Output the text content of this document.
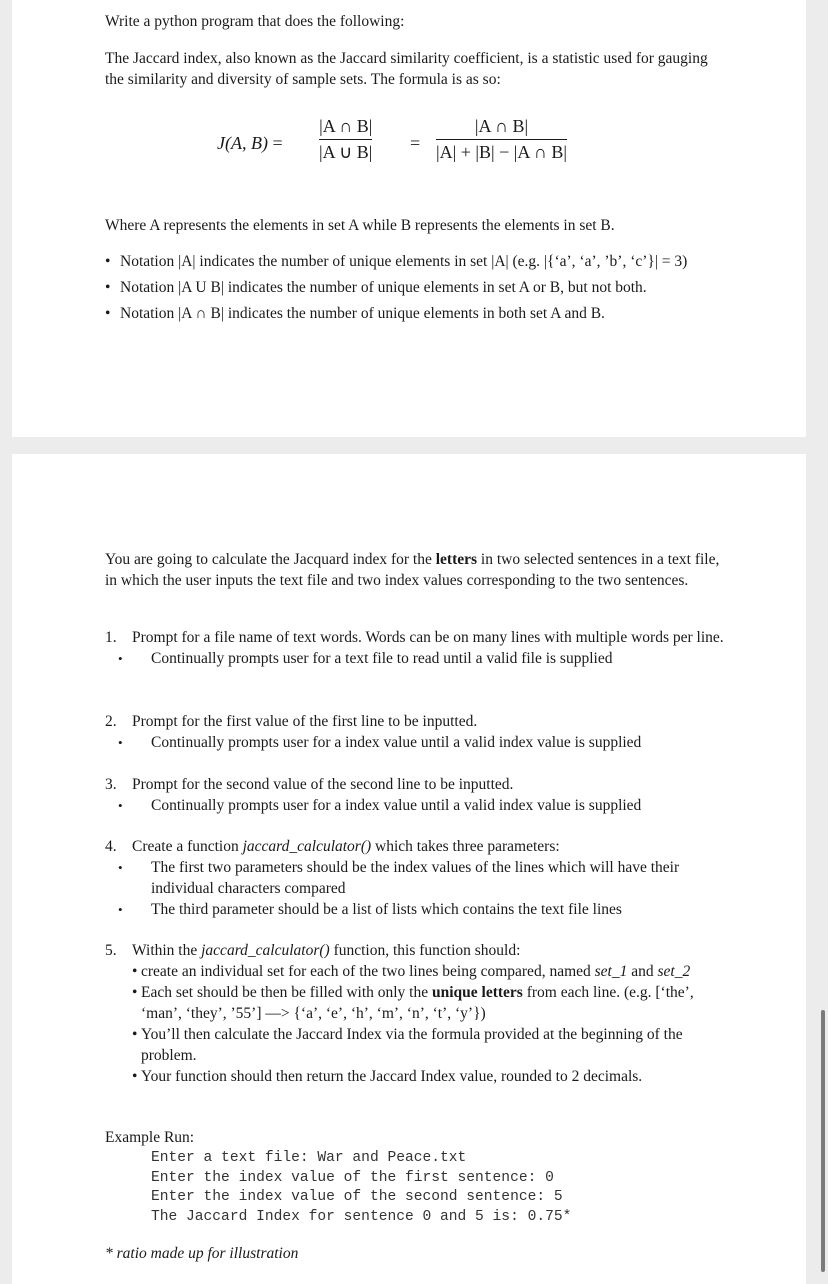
Write a python program that does the following:
The Jaccard index, also known as the Jaccard similarity coefficient, is a statistic used for gauging the similarity and diversity of sample sets. The formula is as so:
J(A, B) =
|A ∩ B|
|A ∪ B| =
|A ∩ B|
|A| + |B| − |A ∩ B|
Where A represents the elements in set A while B represents the elements in set B.
• Notation |A| indicates the number of unique elements in set |A| (e.g. |{‘a’, ‘a’, ’b’, ‘c’}| = 3)
• Notation |A U B| indicates the number of unique elements in set A or B, but not both.
• Notation |A ∩ B| indicates the number of unique elements in both set A and B.
You are going to calculate the Jacquard index for the letters in two selected sentences in a text file, in which the user inputs the text file and two index values corresponding to the two sentences.
1. Prompt for a file name of text words. Words can be on many lines with multiple words per line.
• Continually prompts user for a text file to read until a valid file is supplied
2. Prompt for the first value of the first line to be inputted.
• Continually prompts user for a index value until a valid index value is supplied
3. Prompt for the second value of the second line to be inputted.
• Continually prompts user for a index value until a valid index value is supplied
4. Create a function jaccard_calculator() which takes three parameters:
• The first two parameters should be the index values of the lines which will have their individual characters compared
• The third parameter should be a list of lists which contains the text file lines
5. Within the jaccard_calculator() function, this function should:
• create an individual set for each of the two lines being compared, named set_1 and set_2
• Each set should be then be filled with only the unique letters from each line. (e.g. [‘the’, ‘man’, ‘they’, ’55’] —> {‘a’, ‘e’, ‘h’, ‘m’, ‘n’, ‘t’, ‘y’})
• You’ll then calculate the Jaccard Index via the formula provided at the beginning of the problem.
• Your function should then return the Jaccard Index value, rounded to 2 decimals.
Example Run:
Enter a text file: War and Peace.txt
Enter the index value of the first sentence: 0
Enter the index value of the second sentence: 5
The Jaccard Index for sentence 0 and 5 is: 0.75*
* ratio made up for illustration
